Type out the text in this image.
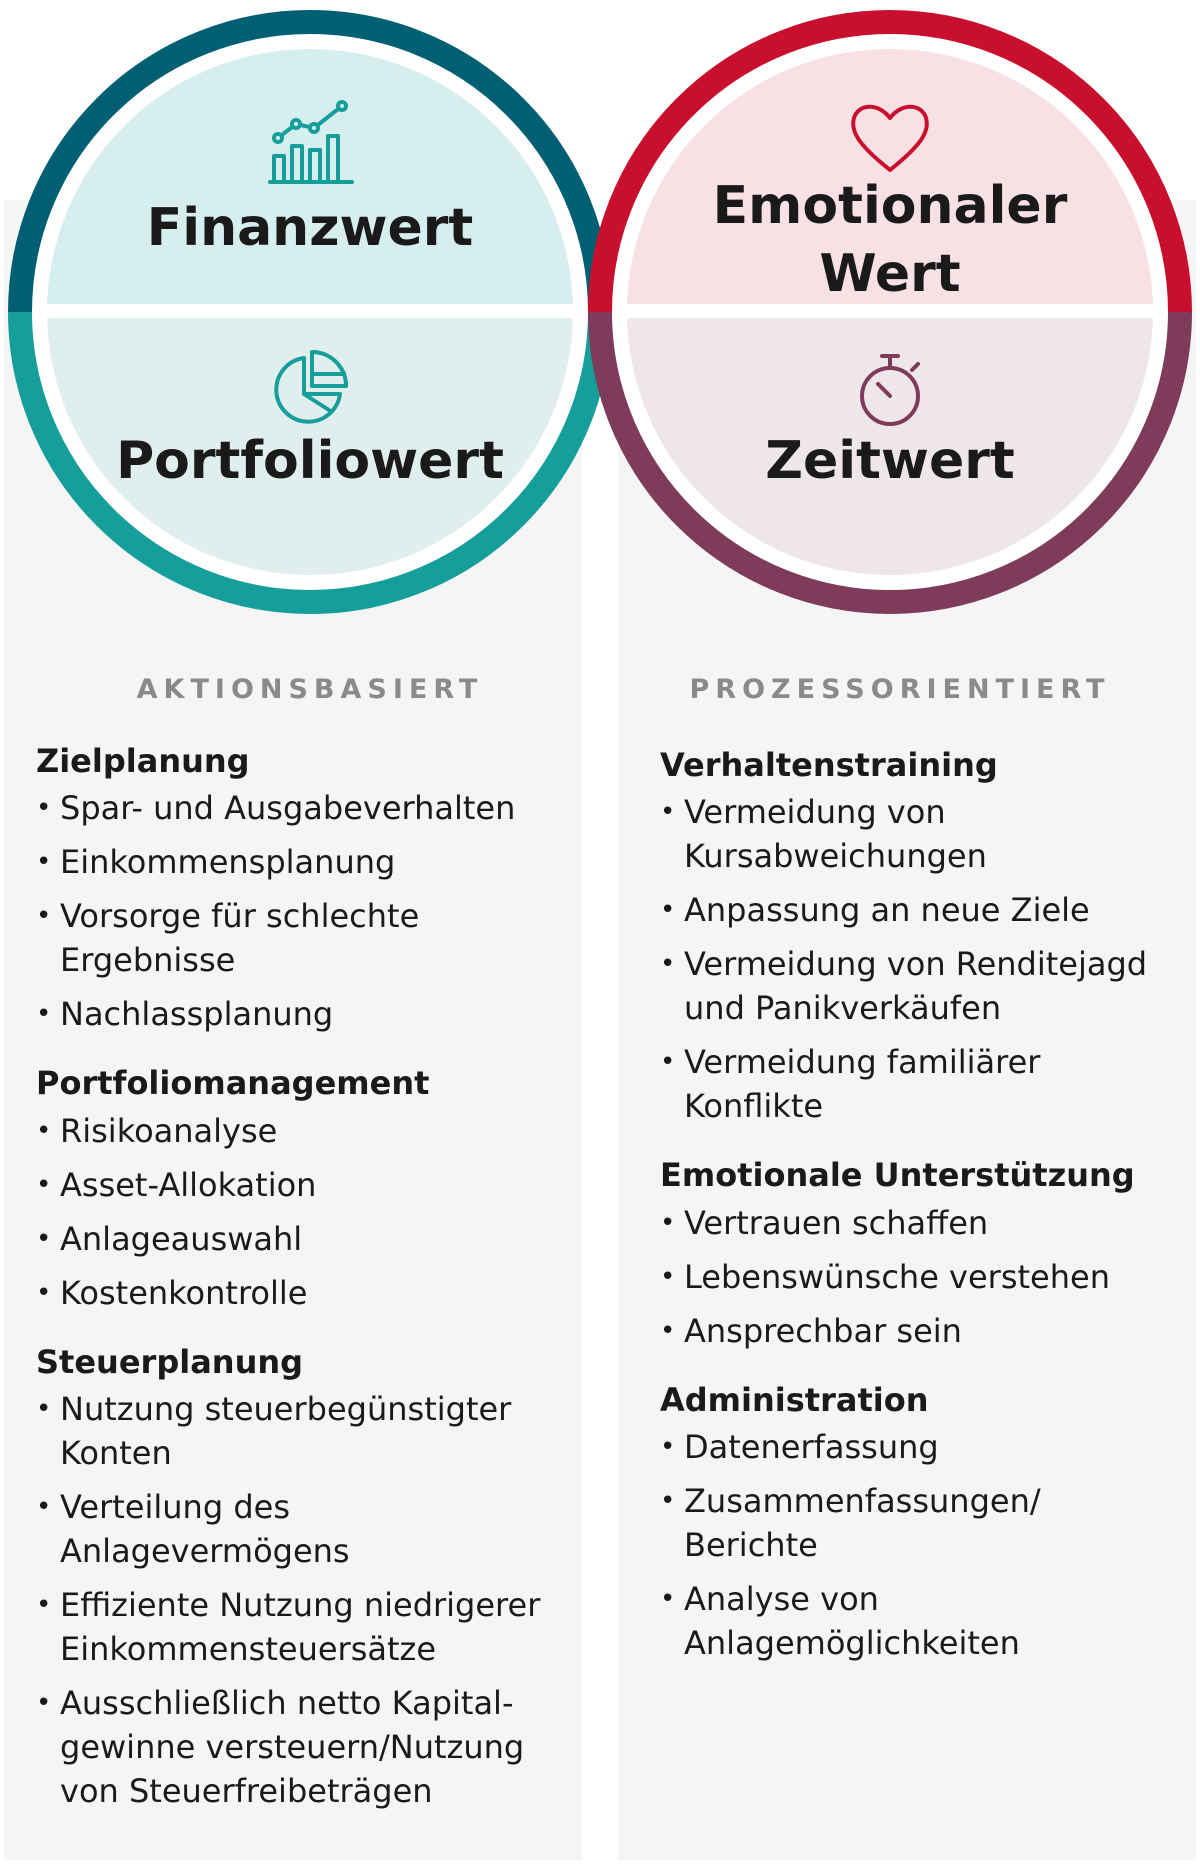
Finanzwert
Portfoliowert
Emotionaler
Wert
Zeitwert
AKTIONSBASIERT	PROZESSORIENTIERT
Zielplanung
• Spar- und Ausgabeverhalten
• Einkommensplanung
• Vorsorge für schlechte Ergebnisse
• Nachlassplanung
Portfoliomanagement
• Risikoanalyse
• Asset-Allokation
• Anlageauswahl
• Kostenkontrolle
Steuerplanung
• Nutzung steuerbegünstigter Konten
• Verteilung des Anlagevermögens
• Effiziente Nutzung niedrigerer Einkommensteuersätze
• Ausschließlich netto Kapital-gewinne versteuern/Nutzung von Steuerfreibeträgen
Verhaltenstraining
• Vermeidung von Kursabweichungen
• Anpassung an neue Ziele
• Vermeidung von Renditejagd und Panikverkäufen
• Vermeidung familiärer Konflikte
Emotionale Unterstützung
• Vertrauen schaffen
• Lebenswünsche verstehen
• Ansprechbar sein
Administration
• Datenerfassung
• Zusammenfassungen/ Berichte
• Analyse von Anlagemöglichkeiten
